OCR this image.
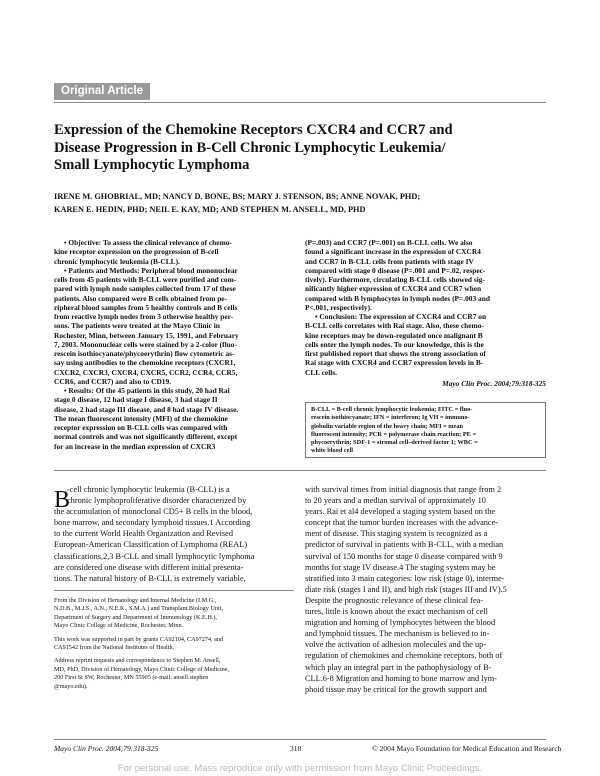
Original Article
Expression of the Chemokine Receptors CXCR4 and CCR7 and
Disease Progression in B-Cell Chronic Lymphocytic Leukemia/
Small Lymphocytic Lymphoma
IRENE M. GHOBRIAL, MD; NANCY D. BONE, BS; MARY J. STENSON, BS; ANNE NOVAK, PHD;
KAREN E. HEDIN, PHD; NEIL E. KAY, MD; AND STEPHEN M. ANSELL, MD, PHD
• Objective: To assess the clinical relevance of chemo-
kine receptor expression on the progression of B-cell
chronic lymphocytic leukemia (B-CLL).
• Patients and Methods: Peripheral blood mononuclear
cells from 45 patients with B-CLL were purified and com-
pared with lymph node samples collected from 17 of these
patients. Also compared were B cells obtained from pe-
ripheral blood samples from 5 healthy controls and B cells
from reactive lymph nodes from 3 otherwise healthy per-
sons. The patients were treated at the Mayo Clinic in
Rochester, Minn, between January 15, 1991, and February
7, 2003. Mononuclear cells were stained by a 2-color (fluo-
rescein isothiocyanate/phycoerythrin) flow cytometric as-
say using antibodies to the chemokine receptors (CXCR1,
CXCR2, CXCR3, CXCR4, CXCR5, CCR2, CCR4, CCR5,
CCR6, and CCR7) and also to CD19.
• Results: Of the 45 patients in this study, 20 had Rai
stage 0 disease, 12 had stage I disease, 3 had stage II
disease, 2 had stage III disease, and 8 had stage IV disease.
The mean fluorescent intensity (MFI) of the chemokine
receptor expression on B-CLL cells was compared with
normal controls and was not significantly different, except
for an increase in the median expression of CXCR3
(P=.003) and CCR7 (P=.001) on B-CLL cells. We also
found a significant increase in the expression of CXCR4
and CCR7 in B-CLL cells from patients with stage IV
compared with stage 0 disease (P=.001 and P=.02, respec-
tively). Furthermore, circulating B-CLL cells showed sig-
nificantly higher expression of CXCR4 and CCR7 when
compared with B lymphocytes in lymph nodes (P=.003 and
P<.001, respectively).
• Conclusion: The expression of CXCR4 and CCR7 on
B-CLL cells correlates with Rai stage. Also, these chemo-
kine receptors may be down-regulated once malignant B
cells enter the lymph nodes. To our knowledge, this is the
first published report that shows the strong association of
Rai stage with CXCR4 and CCR7 expression levels in B-
CLL cells.
Mayo Clin Proc. 2004;79:318-325
B-CLL = B-cell chronic lymphocytic leukemia; FITC = fluo-
rescein isothiocyanate; IFN = interferon; Ig VH = immuno-
globulin variable region of the heavy chain; MFI = mean
fluorescent intensity; PCR = polymerase chain reaction; PE =
phycoerythrin; SDF-1 = stromal cell–derived factor 1; WBC =
white blood cell
B
-cell chronic lymphocytic leukemia (B-CLL) is a
chronic lymphoproliferative disorder characterized by
the accumulation of monoclonal CD5+ B cells in the blood,
bone marrow, and secondary lymphoid tissues.1 According
to the current World Health Organization and Revised
European-American Classification of Lymphoma (REAL)
classifications,2,3 B-CLL and small lymphocytic lymphoma
are considered one disease with different initial presenta-
tions. The natural history of B-CLL is extremely variable,
with survival times from initial diagnosis that range from 2
to 20 years and a median survival of approximately 10
years. Rai et al4 developed a staging system based on the
concept that the tumor burden increases with the advance-
ment of disease. This staging system is recognized as a
predictor of survival in patients with B-CLL, with a median
survival of 150 months for stage 0 disease compared with 9
months for stage IV disease.4 The staging system may be
stratified into 3 main categories: low risk (stage 0), interme-
diate risk (stages I and II), and high risk (stages III and IV).5
Despite the prognostic relevance of these clinical fea-
tures, little is known about the exact mechanism of cell
migration and homing of lymphocytes between the blood
and lymphoid tissues. The mechanism is believed to in-
volve the activation of adhesion molecules and the up-
regulation of chemokines and chemokine receptors, both of
which play an integral part in the pathophysiology of B-
CLL.6-8 Migration and homing to bone marrow and lym-
phoid tissue may be critical for the growth support and
From the Division of Hematology and Internal Medicine (I.M.G.,
N.D.B., M.J.S., A.N., N.E.K., S.M.A.) and Transplant Biology Unit,
Department of Surgery and Department of Immunology (K.E.H.),
Mayo Clinic College of Medicine, Rochester, Minn.
This work was supported in part by grants CA92104, CA97274, and
CA91542 from the National Institutes of Health.
Address reprint requests and correspondence to Stephen M. Ansell,
MD, PhD, Division of Hematology, Mayo Clinic College of Medicine,
200 First St SW, Rochester, MN 55905 (e-mail: ansell.stephen
@mayo.edu).
Mayo Clin Proc. 2004;79:318-325	318	© 2004 Mayo Foundation for Medical Education and Research
For personal use. Mass reproduce only with permission from Mayo Clinic Proceedings.
